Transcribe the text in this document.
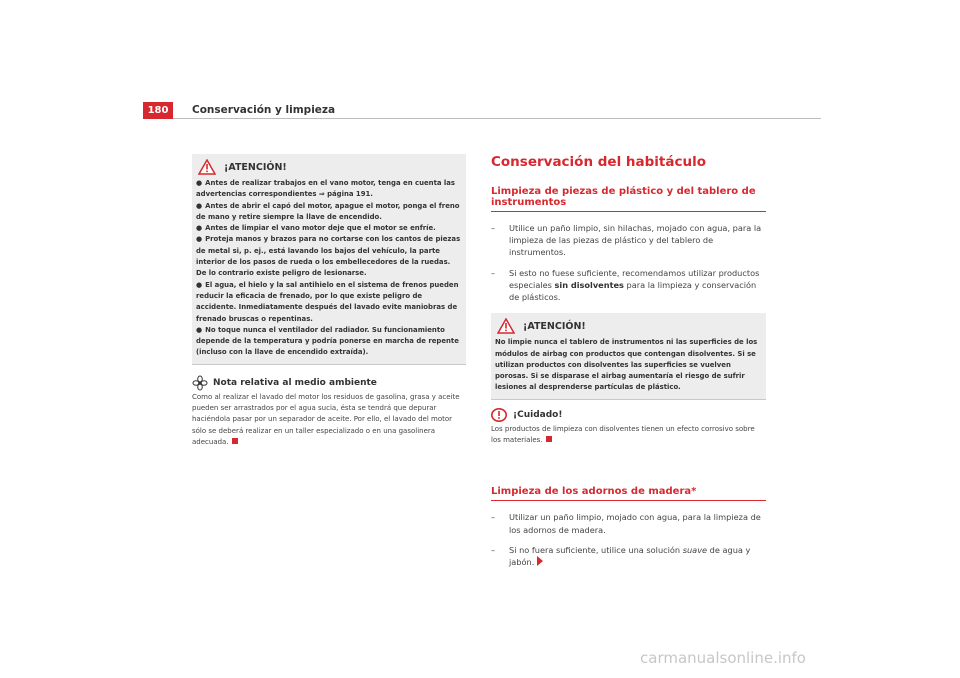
180	Conservación y limpieza
¡ATENCIÓN!
● Antes de realizar trabajos en el vano motor, tenga en cuenta las advertencias correspondientes ⇒ página 191.
● Antes de abrir el capó del motor, apague el motor, ponga el freno de mano y retire siempre la llave de encendido.
● Antes de limpiar el vano motor deje que el motor se enfríe.
● Proteja manos y brazos para no cortarse con los cantos de piezas de metal si, p. ej., está lavando los bajos del vehículo, la parte interior de los pasos de rueda o los embellecedores de la ruedas. De lo contrario existe peligro de lesionarse.
● El agua, el hielo y la sal antihielo en el sistema de frenos pueden reducir la eficacia de frenado, por lo que existe peligro de accidente. Inmediatamente después del lavado evite maniobras de frenado bruscas o repentinas.
● No toque nunca el ventilador del radiador. Su funcionamiento depende de la temperatura y podría ponerse en marcha de repente (incluso con la llave de encendido extraída).
Nota relativa al medio ambiente
Como al realizar el lavado del motor los residuos de gasolina, grasa y aceite pueden ser arrastrados por el agua sucia, ésta se tendrá que depurar haciéndola pasar por un separador de aceite. Por ello, el lavado del motor sólo se deberá realizar en un taller especializado o en una gasolinera adecuada.
Conservación del habitáculo
Limpieza de piezas de plástico y del tablero de instrumentos
–	Utilice un paño limpio, sin hilachas, mojado con agua, para la limpieza de las piezas de plástico y del tablero de instrumentos.
–	Si esto no fuese suficiente, recomendamos utilizar productos especiales sin disolventes para la limpieza y conservación de plásticos.
¡ATENCIÓN!
No limpie nunca el tablero de instrumentos ni las superficies de los módulos de airbag con productos que contengan disolventes. Si se utilizan productos con disolventes las superficies se vuelven porosas. Si se disparase el airbag aumentaría el riesgo de sufrir lesiones al desprenderse partículas de plástico.
¡Cuidado!
Los productos de limpieza con disolventes tienen un efecto corrosivo sobre los materiales.
Limpieza de los adornos de madera*
–	Utilizar un paño limpio, mojado con agua, para la limpieza de los adornos de madera.
–	Si no fuera suficiente, utilice una solución suave de agua y jabón.
carmanualsonline.info
